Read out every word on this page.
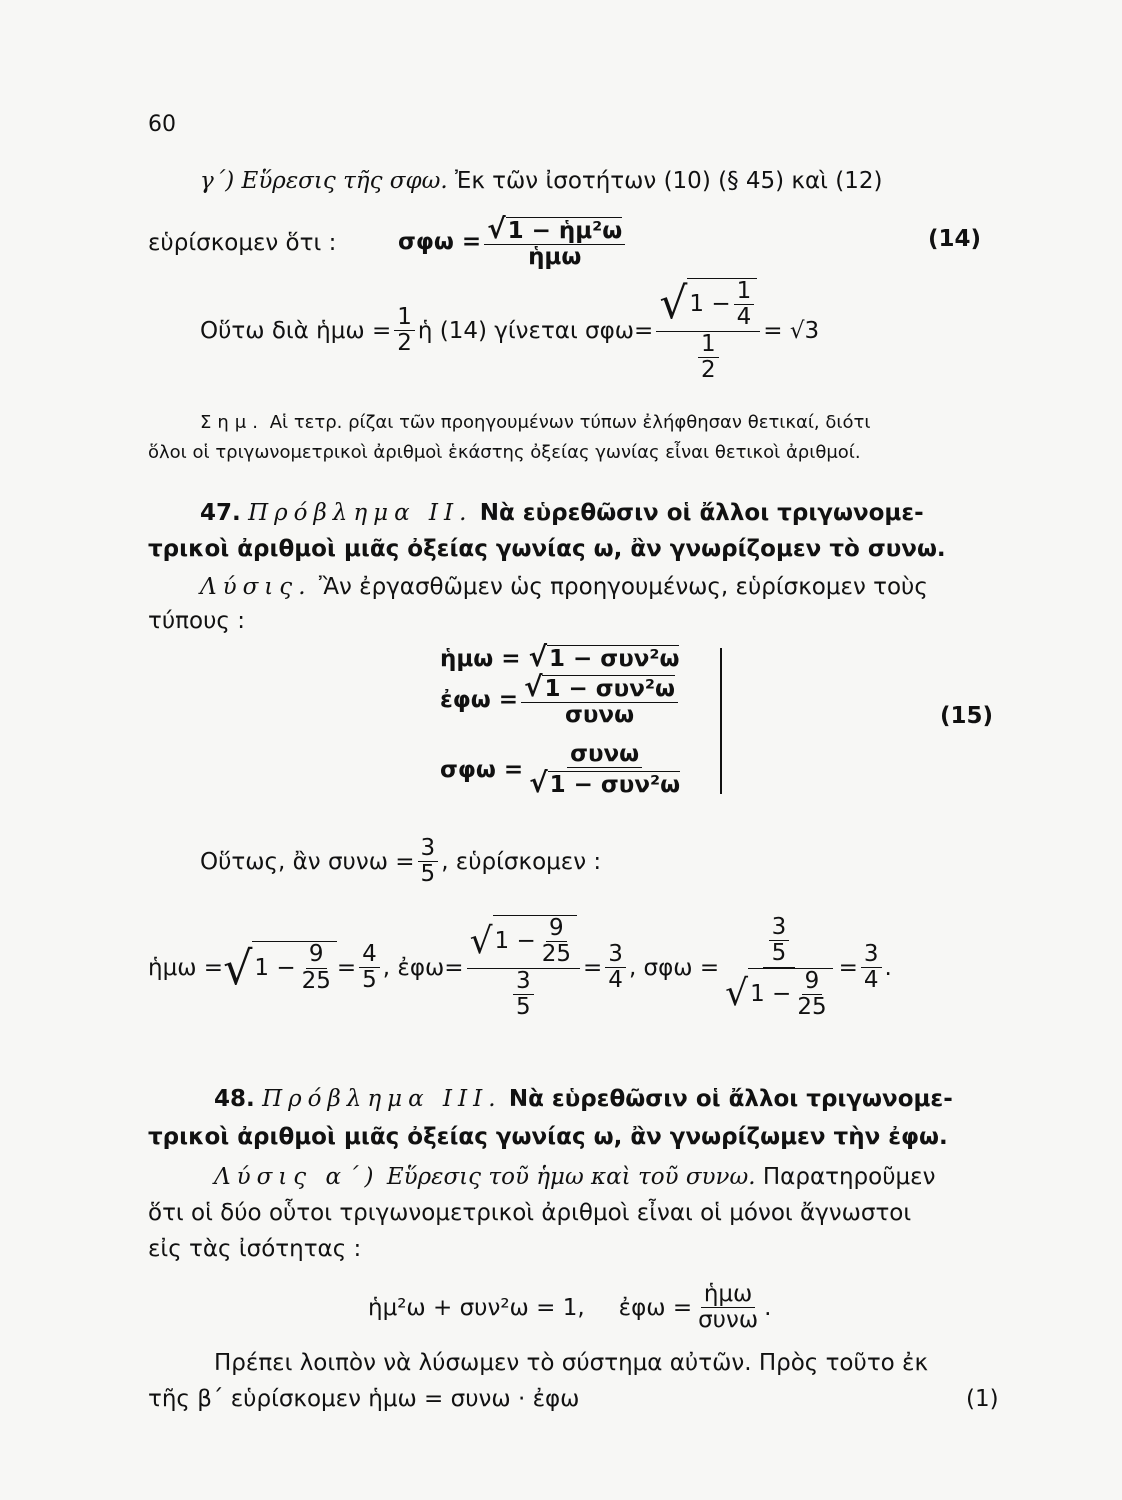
60
γ΄) Εὕρεσις τῆς σφω. Ἐκ τῶν ἰσοτήτων (10) (§ 45) καὶ (12)
εὑρίσκομεν ὅτι :	$\sigma\varphi\omega = \frac{\text{√1 − ἡμ²ω}}{\text{ἡμω}}$	(14)
Οὕτω διὰ ἡμω = $\frac{1}{2}$ ἡ (14) γίνεται $\sigma\varphi\omega= \frac{√ 1 - \frac{1}{4}}{\frac{1}{2}} = √3$
Σημ. Αἱ τετρ. ρίζαι τῶν προηγουμένων τύπων ἐλήφθησαν θετικαί, διότι
ὅλοι οἱ τριγωνομετρικοὶ ἀριθμοὶ ἑκάστης ὀξείας γωνίας εἶναι θετικοὶ ἀριθμοί.
47. Πρόβλημα ΙΙ. Νὰ εὑρεθῶσιν οἱ ἄλλοι τριγωνομε-
τρικοὶ ἀριθμοὶ μιᾶς ὀξείας γωνίας ω, ἂν γνωρίζομεν τὸ συνω.
Λύσις. Ἂν ἐργασθῶμεν ὡς προηγουμένως, εὑρίσκομεν τοὺς
τύπους :
ἡμω = √1 − συν²ω
ἐφω = $\frac{\text{√1 − συν²ω}}{\text{συνω}}$
$\sigma\varphi\omega = \frac{\text{συνω}}{\text{√1 − συν²ω}}$
(15)
Οὕτως, ἂν $\sigma\upsilon\nu\omega = \frac{3}{5}$ , εὑρίσκομεν :
ἡμω = √ $1 - \frac{9}{25} = \frac{4}{5}$ , ἐφω= $\frac{√ 1 - \frac{9}{25}}{\frac{3}{5}} = \frac{3}{4}$ , $\sigma\varphi\omega = \frac{\frac{3}{5}}{√ 1 - \frac{9}{25}} = \frac{3}{4}$ .
48. Πρόβλημα ΙΙΙ. Νὰ εὑρεθῶσιν οἱ ἄλλοι τριγωνομε-
τρικοὶ ἀριθμοὶ μιᾶς ὀξείας γωνίας ω, ἂν γνωρίζωμεν τὴν ἐφω.
Λύσις α΄) Εὕρεσις τοῦ ἡμω καὶ τοῦ συνω. Παρατηροῦμεν
ὅτι οἱ δύο οὗτοι τριγωνομετρικοὶ ἀριθμοὶ εἶναι οἱ μόνοι ἄγνωστοι
εἰς τὰς ἰσότητας :
ἡμ²ω + συν²ω = 1, ἐφω = $\frac{\text{ἡμω}}{\text{συνω}}$ .
Πρέπει λοιπὸν νὰ λύσωμεν τὸ σύστημα αὐτῶν. Πρὸς τοῦτο ἐκ
τῆς β΄ εὑρίσκομεν ἡμω = συνω · ἐφω	(1)
